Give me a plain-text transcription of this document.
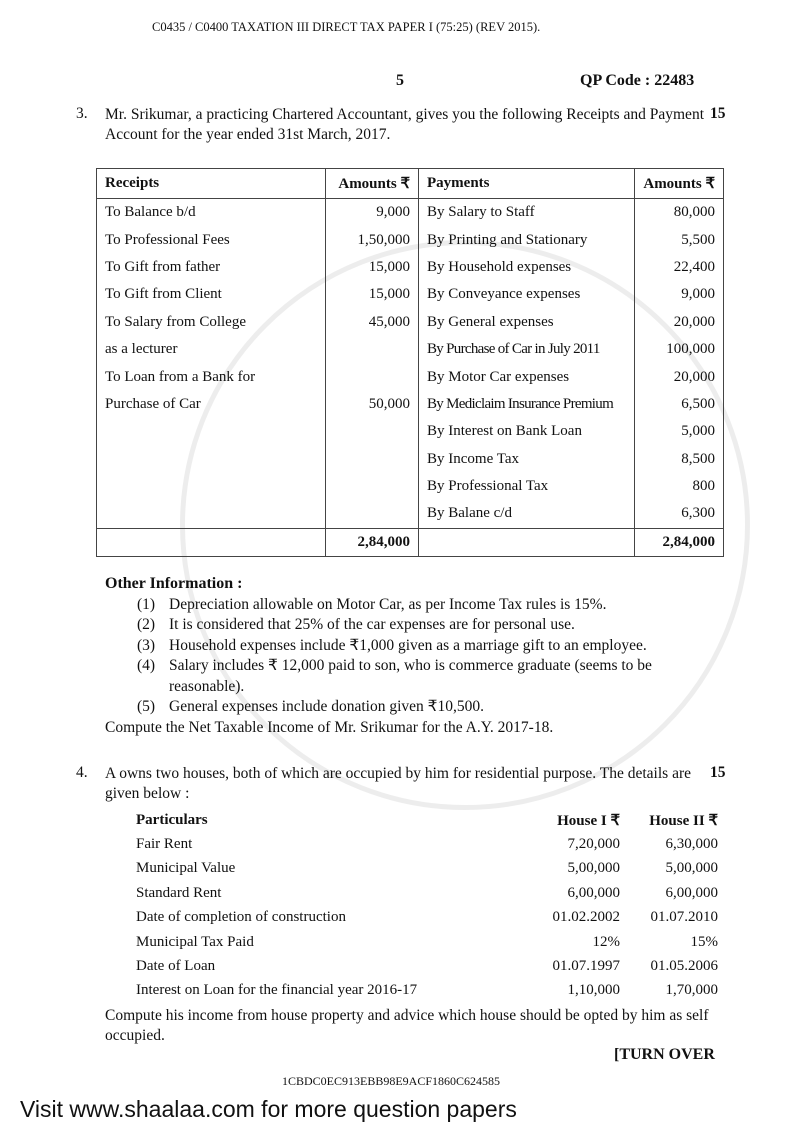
C0435 / C0400 TAXATION III DIRECT TAX PAPER I (75:25) (REV 2015).
5	QP Code : 22483
3. Mr. Srikumar, a practicing Chartered Accountant, gives you the following Receipts and Payment Account for the year ended 31st March, 2017.
15
Receipts	Amounts ₹	Payments	Amounts ₹
To Balance b/d	9,000	By Salary to Staff	80,000
To Professional Fees	1,50,000	By Printing and Stationary	5,500
To Gift from father	15,000	By Household expenses	22,400
To Gift from Client	15,000	By Conveyance expenses	9,000
To Salary from College	45,000	By General expenses	20,000
as a lecturer		By Purchase of Car in July 2011	100,000
To Loan from a Bank for		By Motor Car expenses	20,000
Purchase of Car	50,000	By Mediclaim Insurance Premium	6,500
		By Interest on Bank Loan	5,000
		By Income Tax	8,500
		By Professional Tax	800
		By Balane c/d	6,300
	2,84,000		2,84,000
Other Information :
(1) Depreciation allowable on Motor Car, as per Income Tax rules is 15%.
(2) It is considered that 25% of the car expenses are for personal use.
(3) Household expenses include ₹1,000 given as a marriage gift to an employee.
(4) Salary includes ₹ 12,000 paid to son, who is commerce graduate (seems to be reasonable).
(5) General expenses include donation given ₹10,500.
Compute the Net Taxable Income of Mr. Srikumar for the A.Y. 2017-18.
4. A owns two houses, both of which are occupied by him for residential purpose. The details are given below :
15
Particulars	House I ₹	House II ₹
Fair Rent	7,20,000	6,30,000
Municipal Value	5,00,000	5,00,000
Standard Rent	6,00,000	6,00,000
Date of completion of construction	01.02.2002	01.07.2010
Municipal Tax Paid	12%	15%
Date of Loan	01.07.1997	01.05.2006
Interest on Loan for the financial year 2016-17	1,10,000	1,70,000
Compute his income from house property and advice which house should be opted by him as self occupied.
[TURN OVER
1CBDC0EC913EBB98E9ACF1860C624585
Visit www.shaalaa.com for more question papers
